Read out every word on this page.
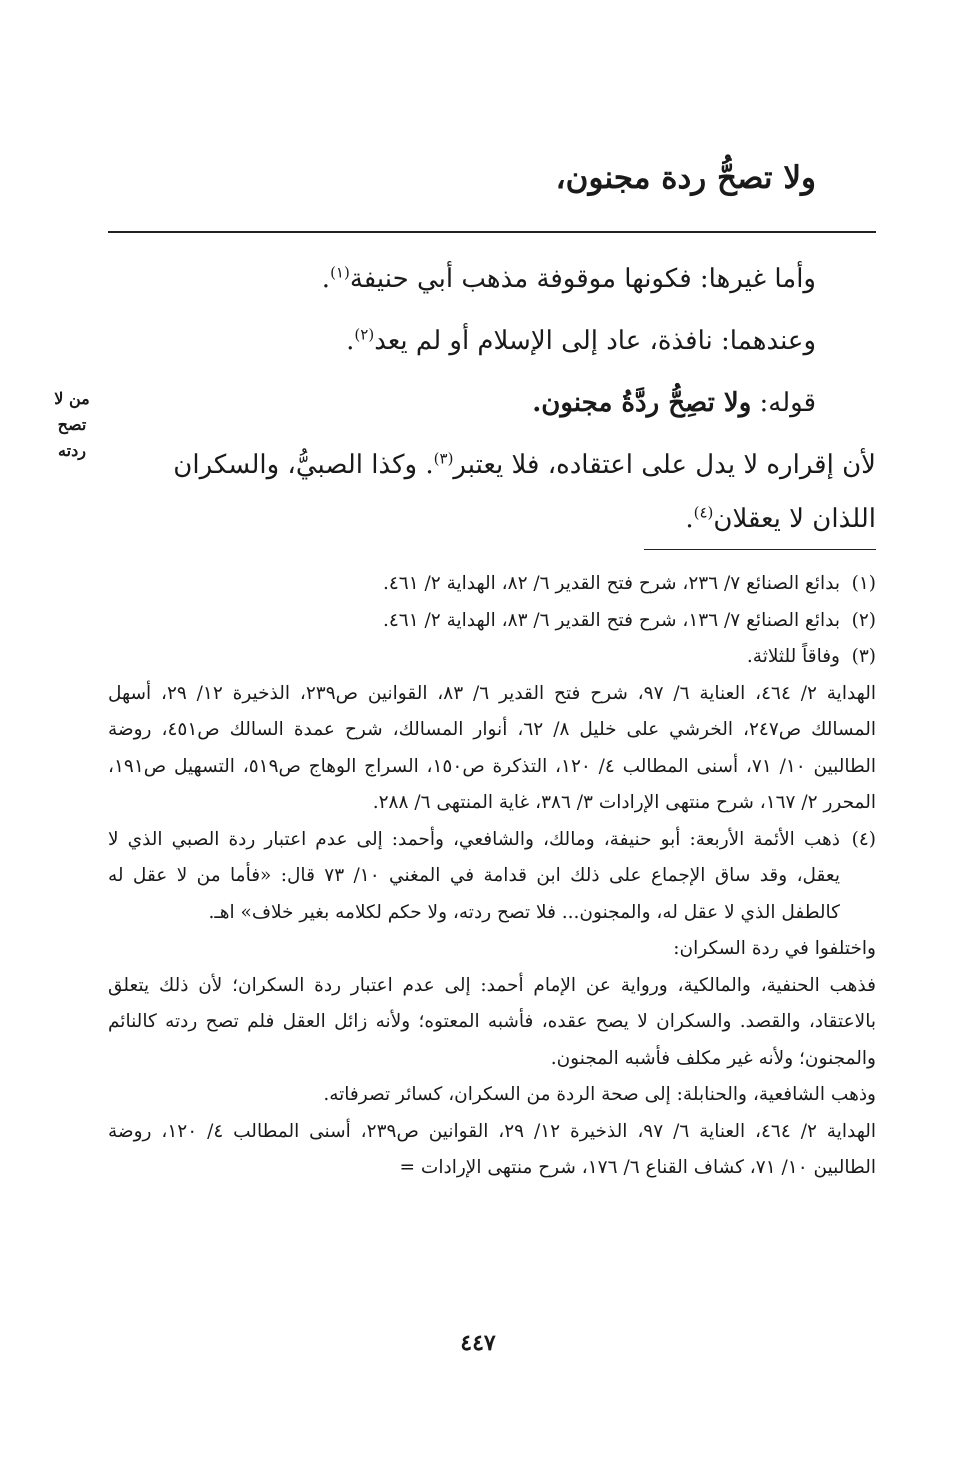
ولا تصحُّ ردة مجنون،
من لا تصح ردته

وأما غيرها: فكونها موقوفة مذهب أبي حنيفة$^{(١)}$.

وعندهما: نافذة، عاد إلى الإسلام أو لم يعد$^{(٢)}$.

قوله: ولا تصِحُّ ردَّةُ مجنون.

لأن إقراره لا يدل على اعتقاده، فلا يعتبر$^{(٣)}$. وكذا الصبيُّ، والسكران اللذان لا يعقلان$^{(٤)}$.

(١)
بدائع الصنائع ٧/ ٢٣٦، شرح فتح القدير ٦/ ٨٢، الهداية ٢/ ٤٦١.
(٢)
بدائع الصنائع ٧/ ١٣٦، شرح فتح القدير ٦/ ٨٣، الهداية ٢/ ٤٦١.
(٣)
وفاقاً للثلاثة.

الهداية ٢/ ٤٦٤، العناية ٦/ ٩٧، شرح فتح القدير ٦/ ٨٣، القوانين ص٢٣٩، الذخيرة ١٢/ ٢٩، أسهل المسالك ص٢٤٧، الخرشي على خليل ٨/ ٦٢، أنوار المسالك، شرح عمدة السالك ص٤٥١، روضة الطالبين ١٠/ ٧١، أسنى المطالب ٤/ ١٢٠، التذكرة ص١٥٠، السراج الوهاج ص٥١٩، التسهيل ص١٩١، المحرر ٢/ ١٦٧، شرح منتهى الإرادات ٣/ ٣٨٦، غاية المنتهى ٦/ ٢٨٨.

(٤)
ذهب الأئمة الأربعة: أبو حنيفة، ومالك، والشافعي، وأحمد: إلى عدم اعتبار ردة الصبي الذي لا يعقل، وقد ساق الإجماع على ذلك ابن قدامة في المغني ١٠/ ٧٣ قال: «فأما من لا عقل له كالطفل الذي لا عقل له، والمجنون... فلا تصح ردته، ولا حكم لكلامه بغير خلاف» اهـ.

واختلفوا في ردة السكران:

فذهب الحنفية، والمالكية، ورواية عن الإمام أحمد: إلى عدم اعتبار ردة السكران؛ لأن ذلك يتعلق بالاعتقاد، والقصد. والسكران لا يصح عقده، فأشبه المعتوه؛ ولأنه زائل العقل فلم تصح ردته كالنائم والمجنون؛ ولأنه غير مكلف فأشبه المجنون.

وذهب الشافعية، والحنابلة: إلى صحة الردة من السكران، كسائر تصرفاته.

الهداية ٢/ ٤٦٤، العناية ٦/ ٩٧، الذخيرة ١٢/ ٢٩، القوانين ص٢٣٩، أسنى المطالب ٤/ ١٢٠، روضة الطالبين ١٠/ ٧١، كشاف القناع ٦/ ١٧٦، شرح منتهى الإرادات =

٤٤٧
